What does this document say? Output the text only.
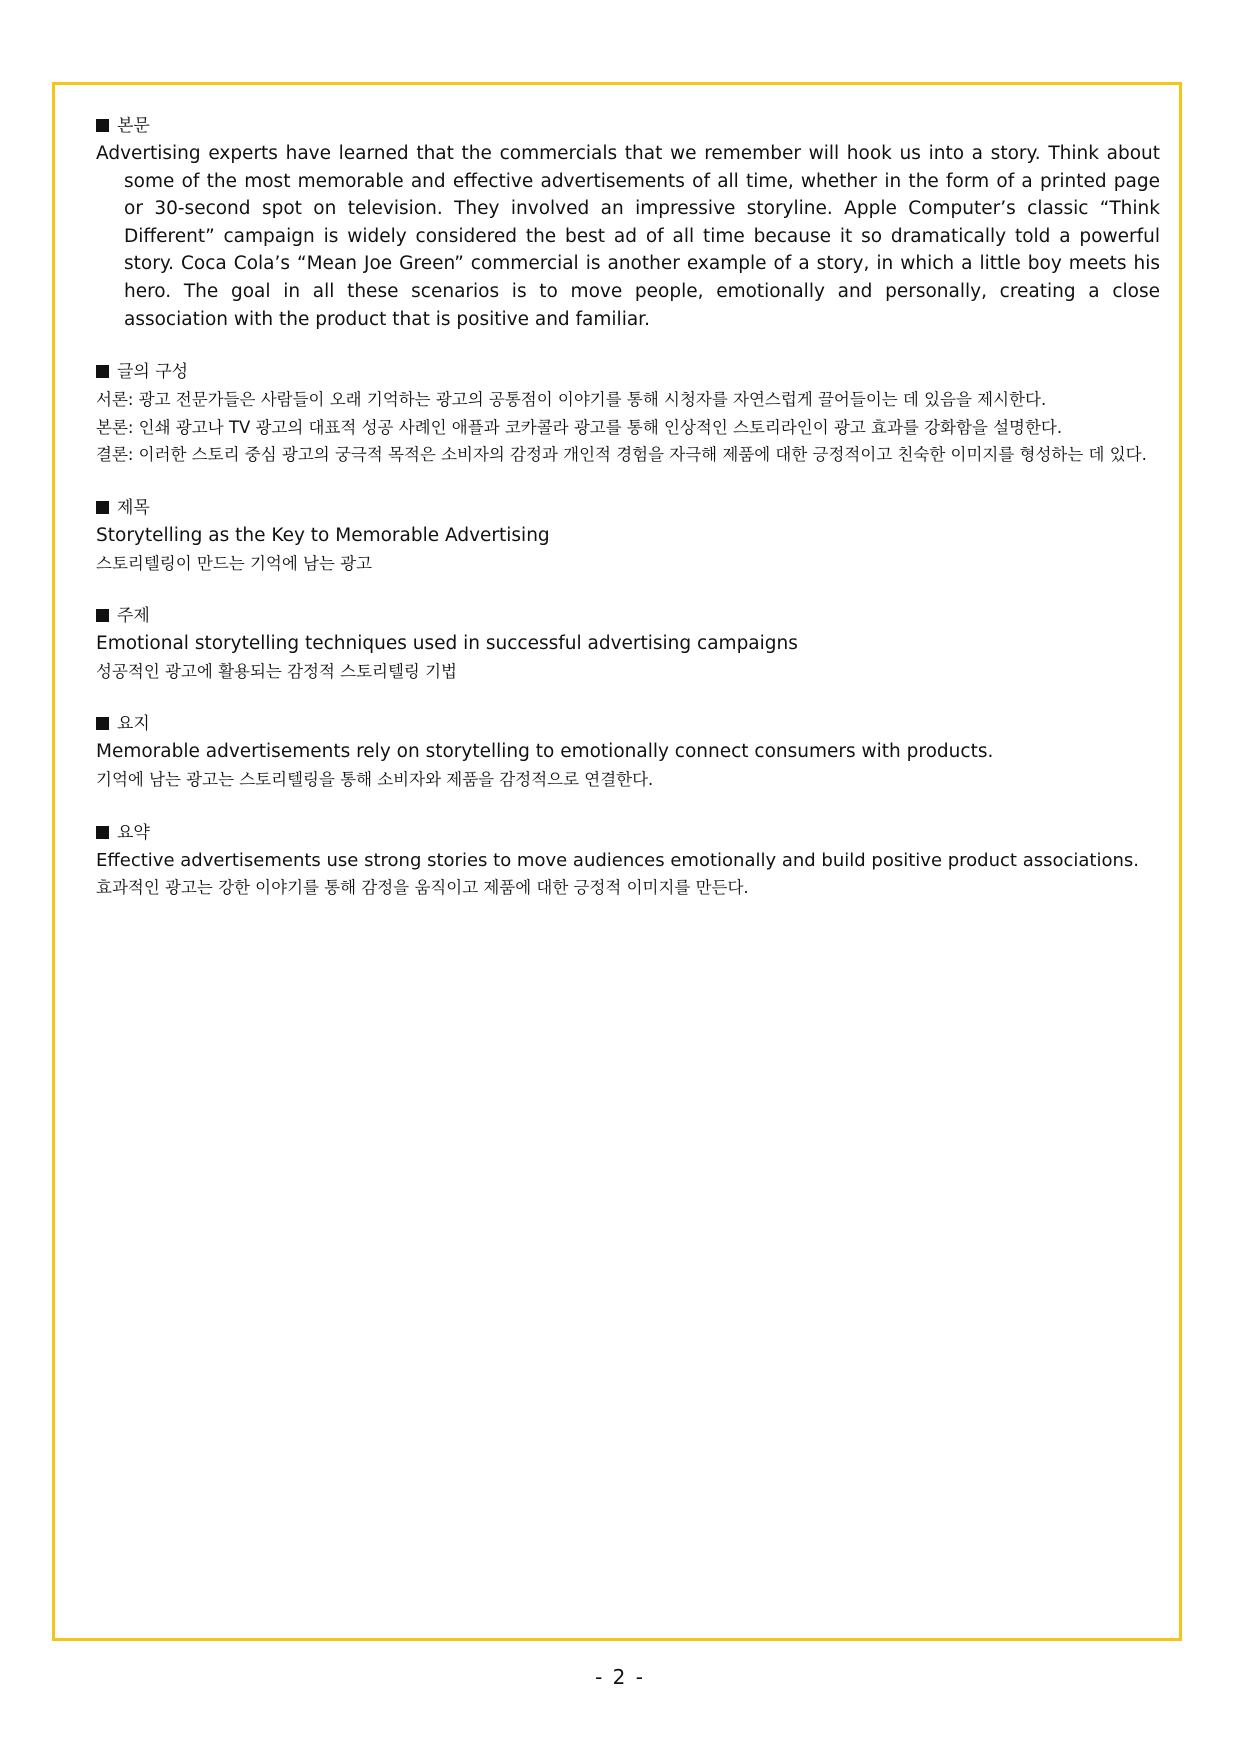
본문

Advertising experts have learned that the commercials that we remember will hook us into a story. Think about some of the most memorable and effective advertisements of all time, whether in the form of a printed page or 30-second spot on television. They involved an impressive storyline. Apple Computer’s classic “Think Different” campaign is widely considered the best ad of all time because it so dramatically told a powerful story. Coca Cola’s “Mean Joe Green” commercial is another example of a story, in which a little boy meets his hero. The goal in all these scenarios is to move people, emotionally and personally, creating a close association with the product that is positive and familiar.

글의 구성

서론: 광고 전문가들은 사람들이 오래 기억하는 광고의 공통점이 이야기를 통해 시청자를 자연스럽게 끌어들이는 데 있음을 제시한다.

본론: 인쇄 광고나 TV 광고의 대표적 성공 사례인 애플과 코카콜라 광고를 통해 인상적인 스토리라인이 광고 효과를 강화함을 설명한다.

결론: 이러한 스토리 중심 광고의 궁극적 목적은 소비자의 감정과 개인적 경험을 자극해 제품에 대한 긍정적이고 친숙한 이미지를 형성하는 데 있다.

제목

Storytelling as the Key to Memorable Advertising

스토리텔링이 만드는 기억에 남는 광고

주제

Emotional storytelling techniques used in successful advertising campaigns

성공적인 광고에 활용되는 감정적 스토리텔링 기법

요지

Memorable advertisements rely on storytelling to emotionally connect consumers with products.

기억에 남는 광고는 스토리텔링을 통해 소비자와 제품을 감정적으로 연결한다.

요약

Effective advertisements use strong stories to move audiences emotionally and build positive product associations.

효과적인 광고는 강한 이야기를 통해 감정을 움직이고 제품에 대한 긍정적 이미지를 만든다.

- 2 -
